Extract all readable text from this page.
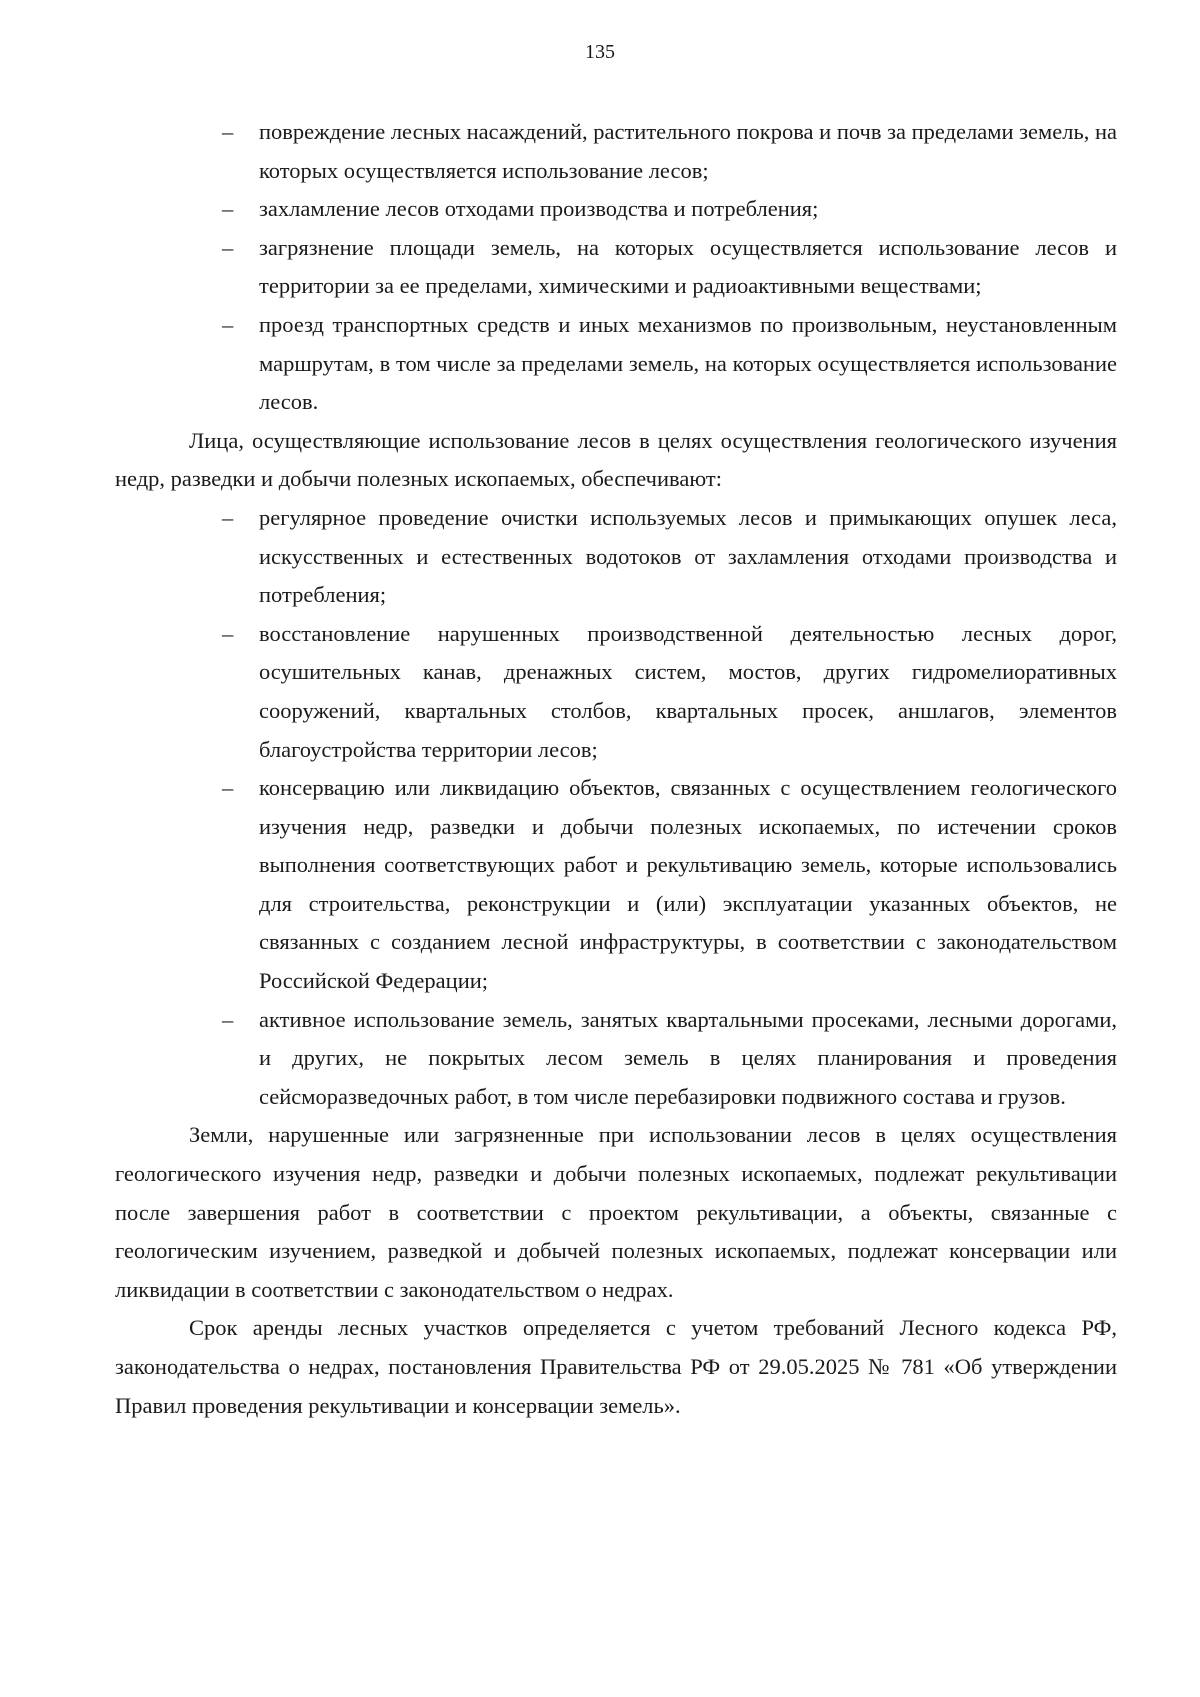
135
– повреждение лесных насаждений, растительного покрова и почв за пределами земель, на которых осуществляется использование лесов;
– захламление лесов отходами производства и потребления;
– загрязнение площади земель, на которых осуществляется использование лесов и территории за ее пределами, химическими и радиоактивными веществами;
– проезд транспортных средств и иных механизмов по произвольным, неустановленным маршрутам, в том числе за пределами земель, на которых осуществляется использование лесов.

Лица, осуществляющие использование лесов в целях осуществления геологического изучения недр, разведки и добычи полезных ископаемых, обеспечивают:

– регулярное проведение очистки используемых лесов и примыкающих опушек леса, искусственных и естественных водотоков от захламления отходами производства и потребления;
– восстановление нарушенных производственной деятельностью лесных дорог, осушительных канав, дренажных систем, мостов, других гидромелиоративных сооружений, квартальных столбов, квартальных просек, аншлагов, элементов благоустройства территории лесов;
– консервацию или ликвидацию объектов, связанных с осуществлением геологического изучения недр, разведки и добычи полезных ископаемых, по истечении сроков выполнения соответствующих работ и рекультивацию земель, которые использовались для строительства, реконструкции и (или) эксплуатации указанных объектов, не связанных с созданием лесной инфраструктуры, в соответствии с законодательством Российской Федерации;
– активное использование земель, занятых квартальными просеками, лесными дорогами, и других, не покрытых лесом земель в целях планирования и проведения сейсморазведочных работ, в том числе перебазировки подвижного состава и грузов.

Земли, нарушенные или загрязненные при использовании лесов в целях осуществления геологического изучения недр, разведки и добычи полезных ископаемых, подлежат рекультивации после завершения работ в соответствии с проектом рекультивации, а объекты, связанные с геологическим изучением, разведкой и добычей полезных ископаемых, подлежат консервации или ликвидации в соответствии с законодательством о недрах.

Срок аренды лесных участков определяется с учетом требований Лесного кодекса РФ, законодательства о недрах, постановления Правительства РФ от 29.05.2025 № 781 «Об утверждении Правил проведения рекультивации и консервации земель».
